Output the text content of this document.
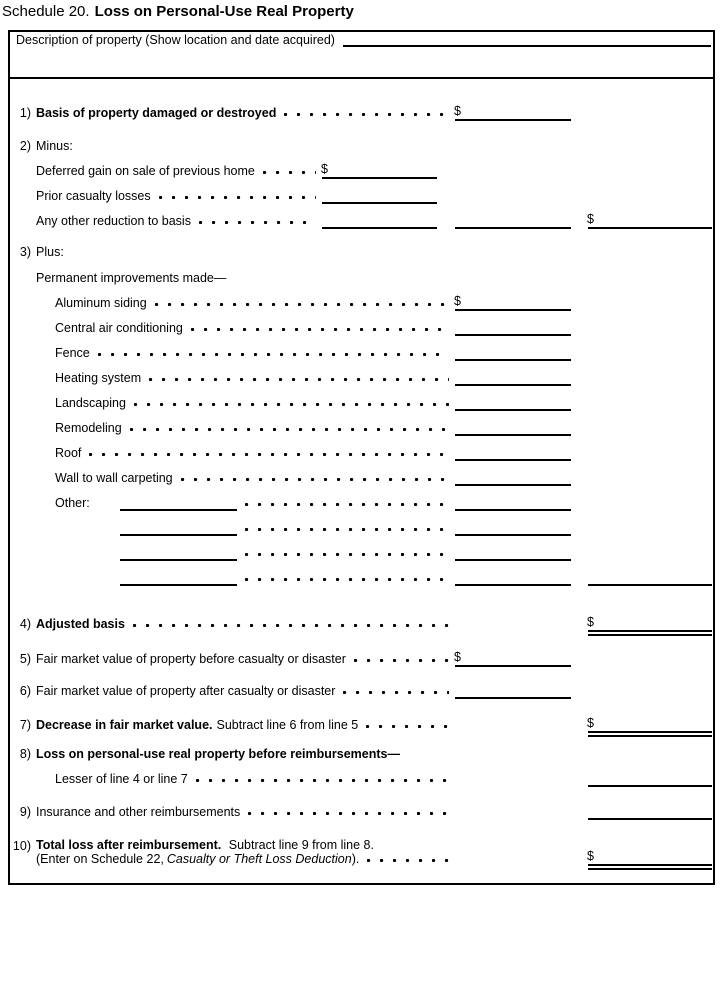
Schedule 20. Loss on Personal-Use Real Property
Description of property (Show location and date acquired)
1) Basis of property damaged or destroyed	$
2) Minus:
Deferred gain on sale of previous home	$
Prior casualty losses
Any other reduction to basis	$
3) Plus:
Permanent improvements made—
Aluminum siding	$
Central air conditioning
Fence
Heating system
Landscaping
Remodeling
Roof
Wall to wall carpeting
Other:
4) Adjusted basis	$
5) Fair market value of property before casualty or disaster	$
6) Fair market value of property after casualty or disaster
7) Decrease in fair market value. Subtract line 6 from line 5	$
8) Loss on personal-use real property before reimbursements—
Lesser of line 4 or line 7
9) Insurance and other reimbursements
10) Total loss after reimbursement. Subtract line 9 from line 8.
(Enter on Schedule 22, Casualty or Theft Loss Deduction ).	$
